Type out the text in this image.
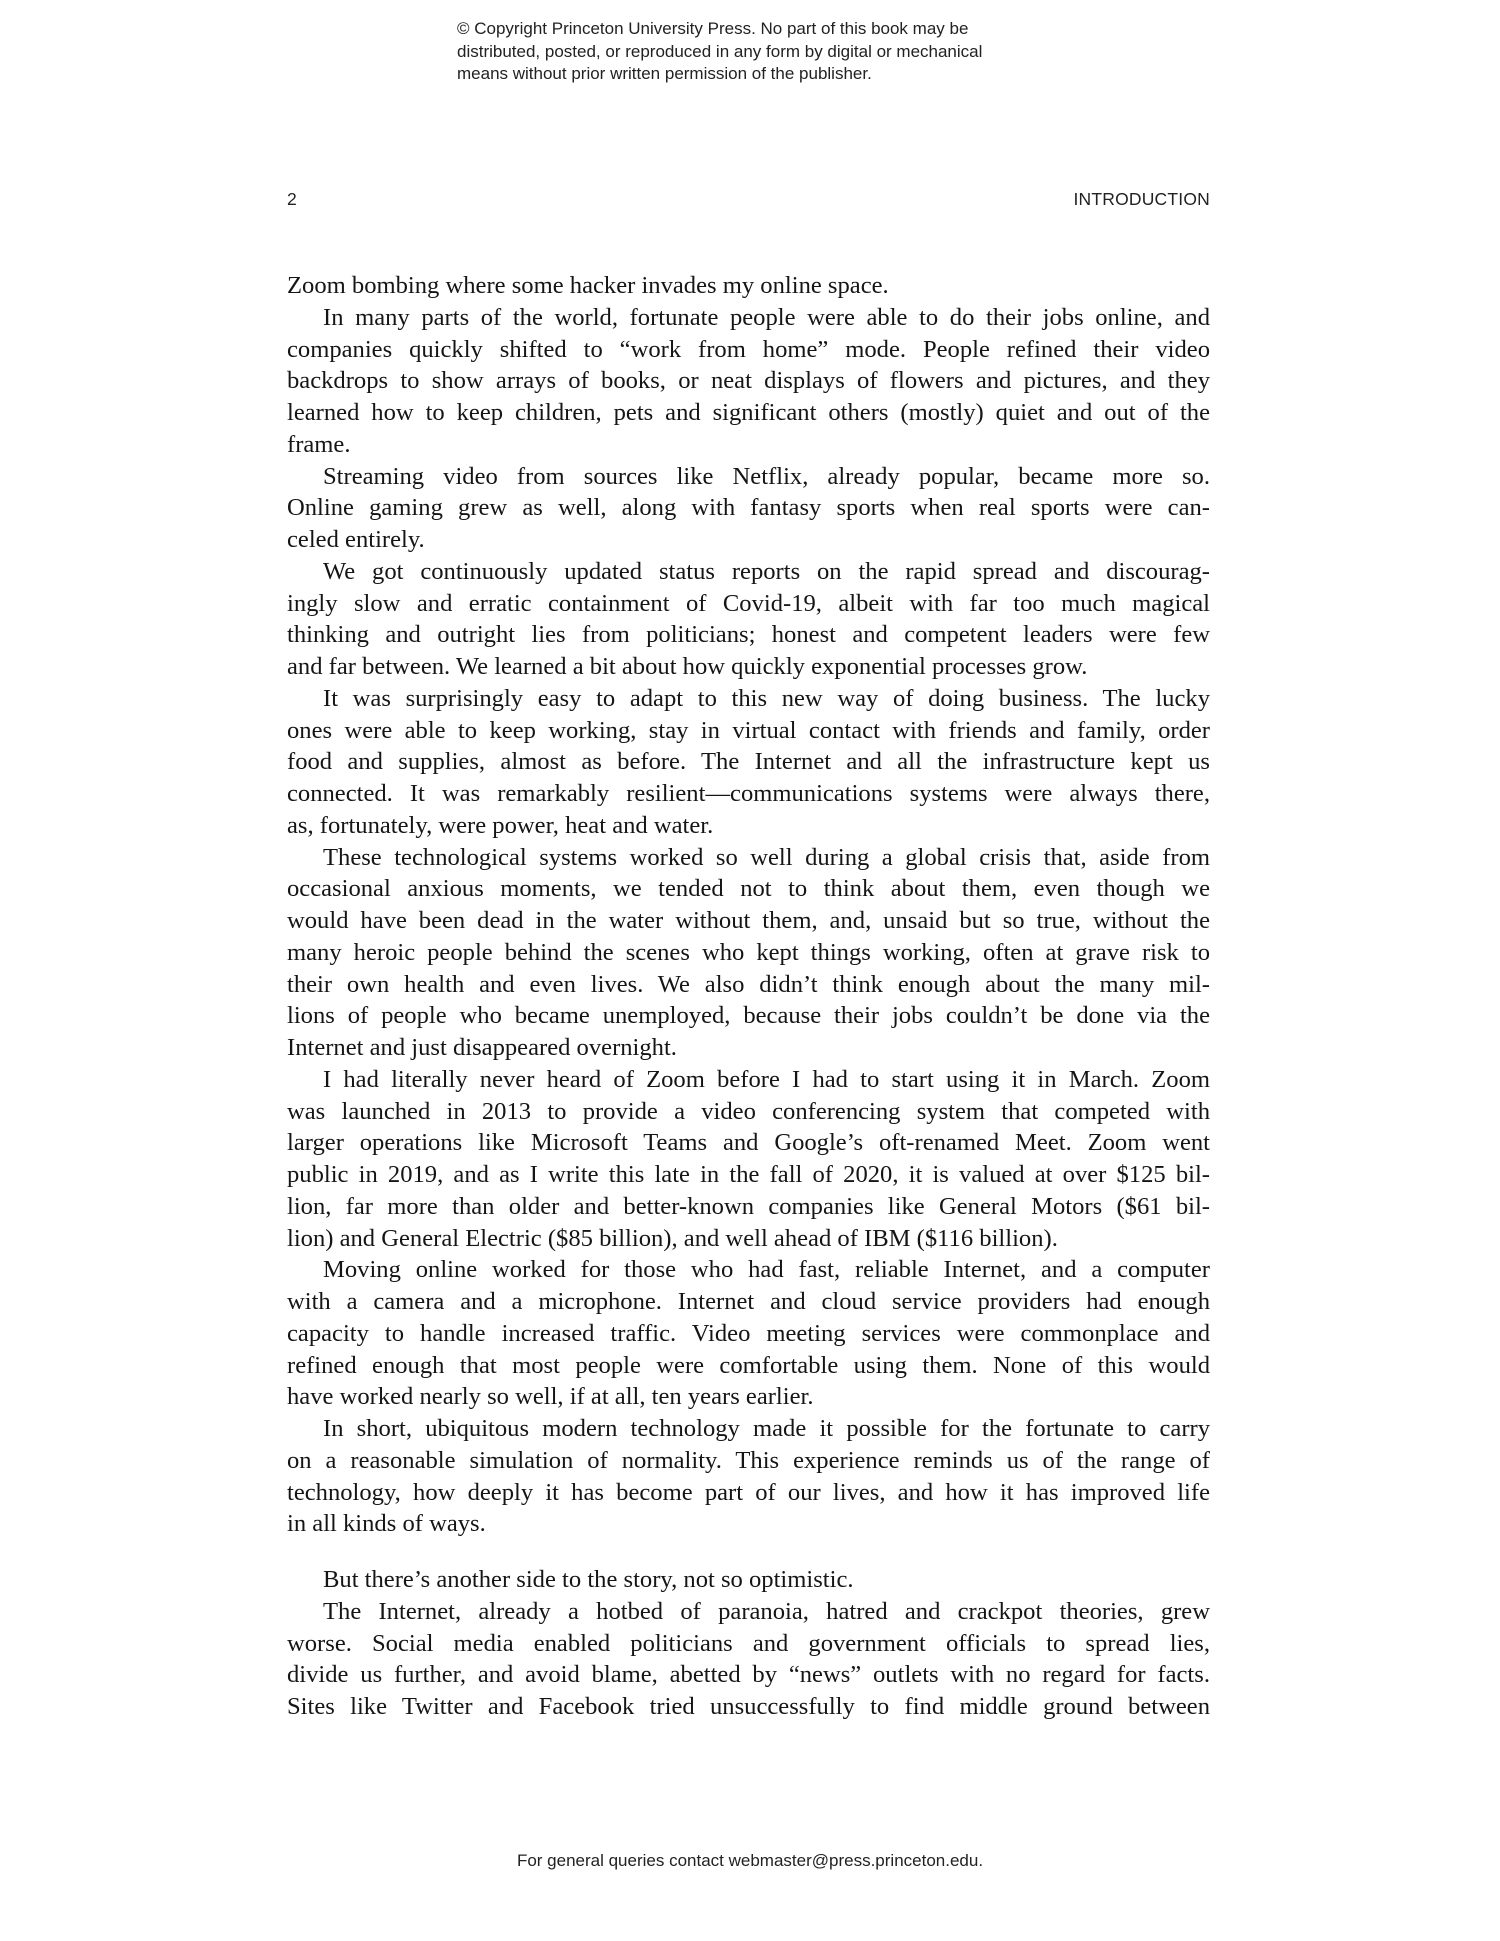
© Copyright Princeton University Press. No part of this book may be
distributed, posted, or reproduced in any form by digital or mechanical
means without prior written permission of the publisher.
2	INTRODUCTION
Zoom bombing where some hacker invades my online space.
In many parts of the world, fortunate people were able to do their jobs online, and
companies quickly shifted to “work from home” mode. People refined their video
backdrops to show arrays of books, or neat displays of flowers and pictures, and they
learned how to keep children, pets and significant others (mostly) quiet and out of the
frame.
Streaming video from sources like Netflix, already popular, became more so.
Online gaming grew as well, along with fantasy sports when real sports were can-
celed entirely.
We got continuously updated status reports on the rapid spread and discourag-
ingly slow and erratic containment of Covid-19, albeit with far too much magical
thinking and outright lies from politicians; honest and competent leaders were few
and far between. We learned a bit about how quickly exponential processes grow.
It was surprisingly easy to adapt to this new way of doing business. The lucky
ones were able to keep working, stay in virtual contact with friends and family, order
food and supplies, almost as before. The Internet and all the infrastructure kept us
connected. It was remarkably resilient—communications systems were always there,
as, fortunately, were power, heat and water.
These technological systems worked so well during a global crisis that, aside from
occasional anxious moments, we tended not to think about them, even though we
would have been dead in the water without them, and, unsaid but so true, without the
many heroic people behind the scenes who kept things working, often at grave risk to
their own health and even lives. We also didn’t think enough about the many mil-
lions of people who became unemployed, because their jobs couldn’t be done via the
Internet and just disappeared overnight.
I had literally never heard of Zoom before I had to start using it in March. Zoom
was launched in 2013 to provide a video conferencing system that competed with
larger operations like Microsoft Teams and Google’s oft-renamed Meet. Zoom went
public in 2019, and as I write this late in the fall of 2020, it is valued at over $125 bil-
lion, far more than older and better-known companies like General Motors ($61 bil-
lion) and General Electric ($85 billion), and well ahead of IBM ($116 billion).
Moving online worked for those who had fast, reliable Internet, and a computer
with a camera and a microphone. Internet and cloud service providers had enough
capacity to handle increased traffic. Video meeting services were commonplace and
refined enough that most people were comfortable using them. None of this would
have worked nearly so well, if at all, ten years earlier.
In short, ubiquitous modern technology made it possible for the fortunate to carry
on a reasonable simulation of normality. This experience reminds us of the range of
technology, how deeply it has become part of our lives, and how it has improved life
in all kinds of ways.
But there’s another side to the story, not so optimistic.
The Internet, already a hotbed of paranoia, hatred and crackpot theories, grew
worse. Social media enabled politicians and government officials to spread lies,
divide us further, and avoid blame, abetted by “news” outlets with no regard for facts.
Sites like Twitter and Facebook tried unsuccessfully to find middle ground between
For general queries contact webmaster@press.princeton.edu.
